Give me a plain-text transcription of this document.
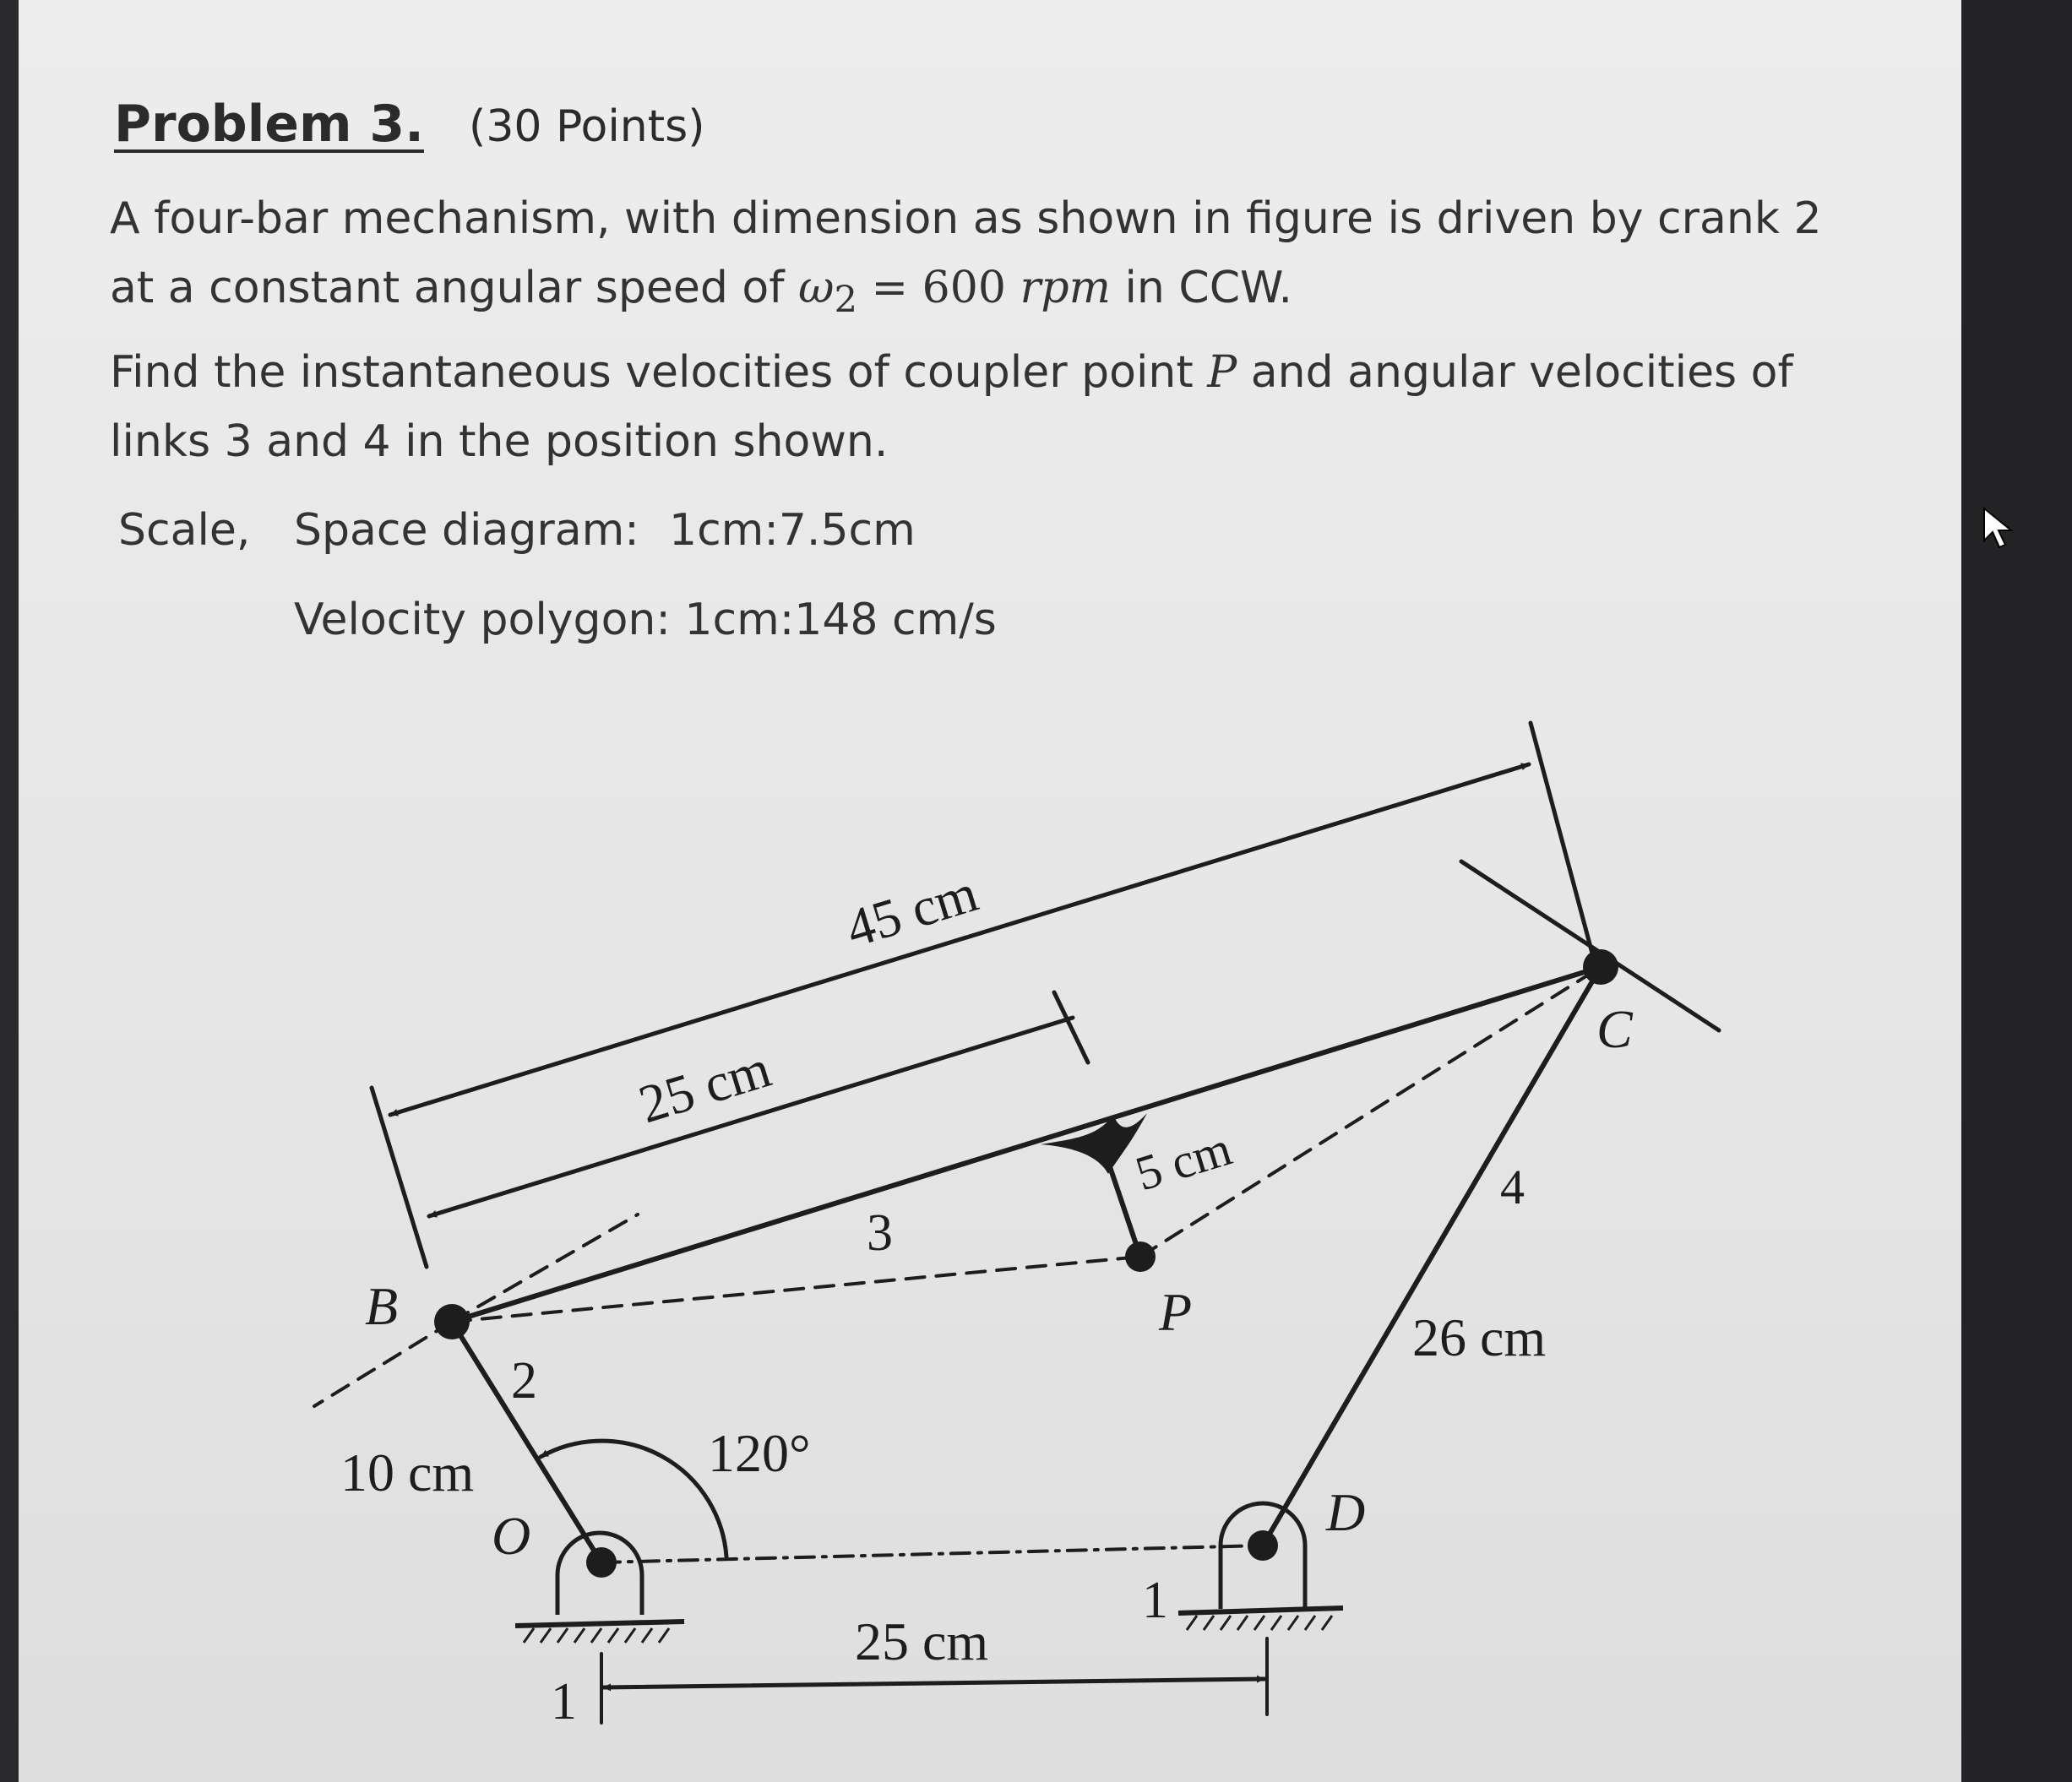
Problem 3. (30 Points)
A four-bar mechanism, with dimension as shown in figure is driven by crank 2 at a constant angular speed of $\omega_2 = 600$ rpm in CCW.
Find the instantaneous velocities of coupler point P and angular velocities of links 3 and 4 in the position shown.
Scale, Space diagram: 1cm:7.5cm
Velocity polygon: 1cm:148 cm/s
45 cm
25 cm
5 cm
26 cm
10 cm
25 cm
120°
2
3
4
1
1
B
C
P
O	D
